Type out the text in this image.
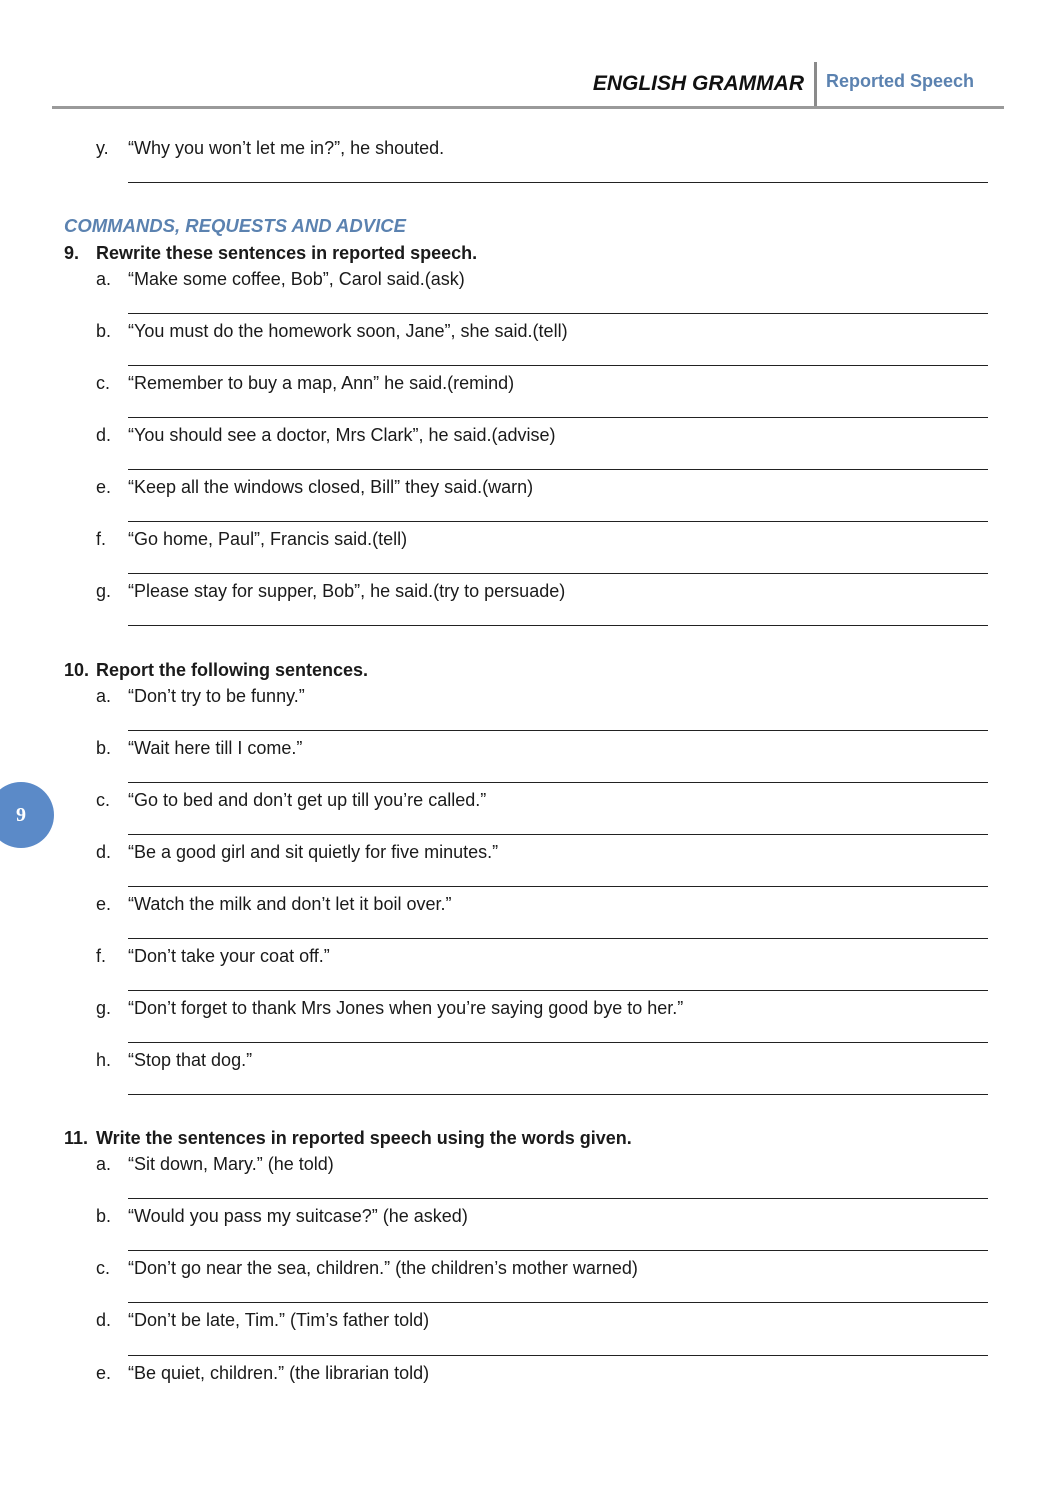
ENGLISH GRAMMAR Reported Speech
y. “Why you won’t let me in?”, he shouted.
COMMANDS, REQUESTS AND ADVICE
9. Rewrite these sentences in reported speech.
a. “Make some coffee, Bob”, Carol said.(ask)
b. “You must do the homework soon, Jane”, she said.(tell)
c. “Remember to buy a map, Ann” he said.(remind)
d. “You should see a doctor, Mrs Clark”, he said.(advise)
e. “Keep all the windows closed, Bill” they said.(warn)
f. “Go home, Paul”, Francis said.(tell)
g. “Please stay for supper, Bob”, he said.(try to persuade)
10. Report the following sentences.
a. “Don’t try to be funny.”
b. “Wait here till I come.”
c. “Go to bed and don’t get up till you’re called.”
d. “Be a good girl and sit quietly for five minutes.”
e. “Watch the milk and don’t let it boil over.”
f. “Don’t take your coat off.”
g. “Don’t forget to thank Mrs Jones when you’re saying good bye to her.”
h. “Stop that dog.”
11. Write the sentences in reported speech using the words given.
a. “Sit down, Mary.” (he told)
b. “Would you pass my suitcase?” (he asked)
c. “Don’t go near the sea, children.” (the children’s mother warned)
d. “Don’t be late, Tim.” (Tim’s father told)
e. “Be quiet, children.” (the librarian told)
9
